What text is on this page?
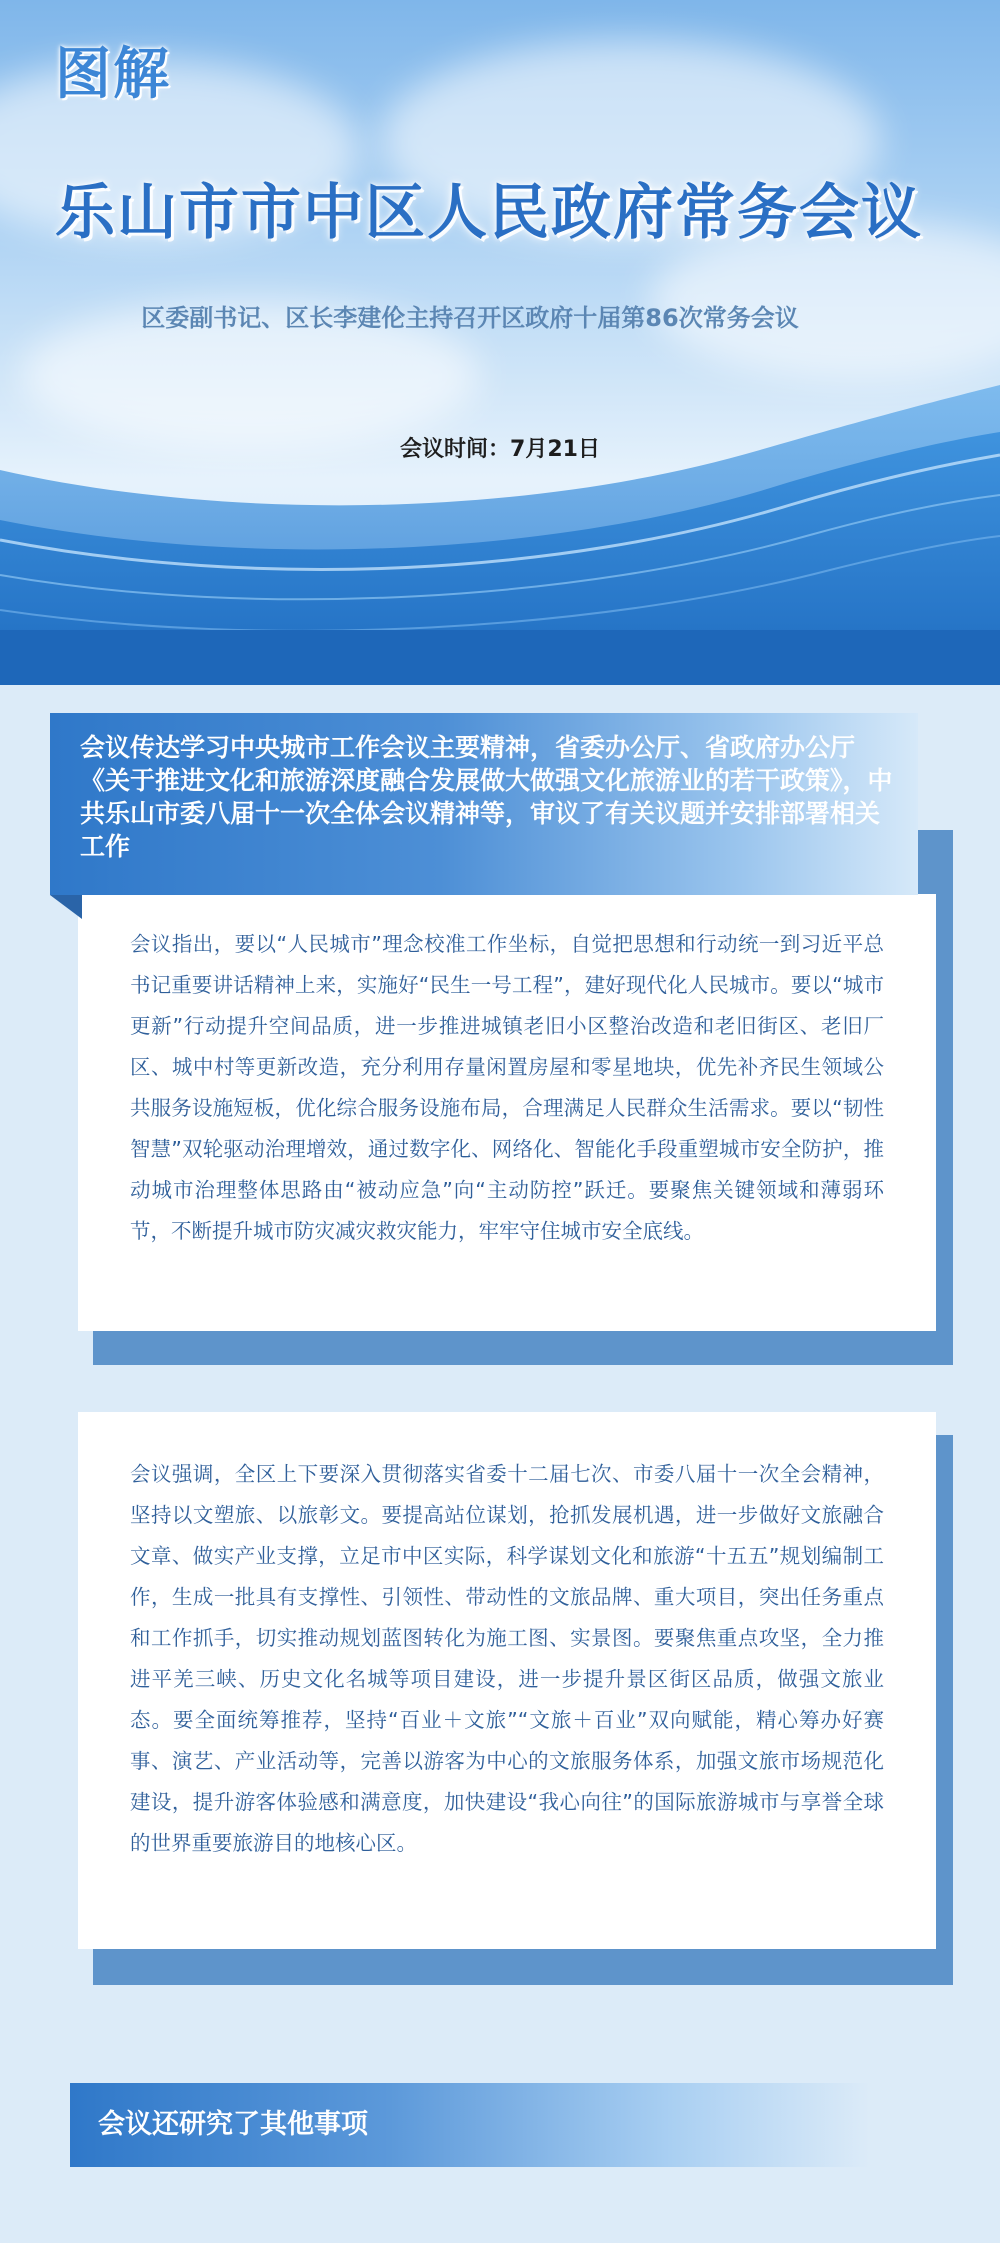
图解
乐山市市中区人民政府常务会议
区委副书记、区长李建伦主持召开区政府十届第86次常务会议
会议时间：7月21日

会议指出，要以“人民城市”理念校准工作坐标，自觉把思想和行动统一到习近平总书记重要讲话精神上来，实施好“民生一号工程”，建好现代化人民城市。要以“城市更新”行动提升空间品质，进一步推进城镇老旧小区整治改造和老旧街区、老旧厂区、城中村等更新改造，充分利用存量闲置房屋和零星地块，优先补齐民生领域公共服务设施短板，优化综合服务设施布局，合理满足人民群众生活需求。要以“韧性智慧”双轮驱动治理增效，通过数字化、网络化、智能化手段重塑城市安全防护，推动城市治理整体思路由“被动应急”向“主动防控”跃迁。要聚焦关键领域和薄弱环节，不断提升城市防灾减灾救灾能力，牢牢守住城市安全底线。

会议传达学习中央城市工作会议主要精神，省委办公厅、省政府办公厅《关于推进文化和旅游深度融合发展做大做强文化旅游业的若干政策》，中共乐山市委八届十一次全体会议精神等，审议了有关议题并安排部署相关工作

会议强调，全区上下要深入贯彻落实省委十二届七次、市委八届十一次全会精神，坚持以文塑旅、以旅彰文。要提高站位谋划，抢抓发展机遇，进一步做好文旅融合文章、做实产业支撑，立足市中区实际，科学谋划文化和旅游“十五五”规划编制工作，生成一批具有支撑性、引领性、带动性的文旅品牌、重大项目，突出任务重点和工作抓手，切实推动规划蓝图转化为施工图、实景图。要聚焦重点攻坚，全力推进平羌三峡、历史文化名城等项目建设，进一步提升景区街区品质，做强文旅业态。要全面统筹推荐，坚持“百业＋文旅”“文旅＋百业”双向赋能，精心筹办好赛事、演艺、产业活动等，完善以游客为中心的文旅服务体系，加强文旅市场规范化建设，提升游客体验感和满意度，加快建设“我心向往”的国际旅游城市与享誉全球的世界重要旅游目的地核心区。

会议还研究了其他事项
